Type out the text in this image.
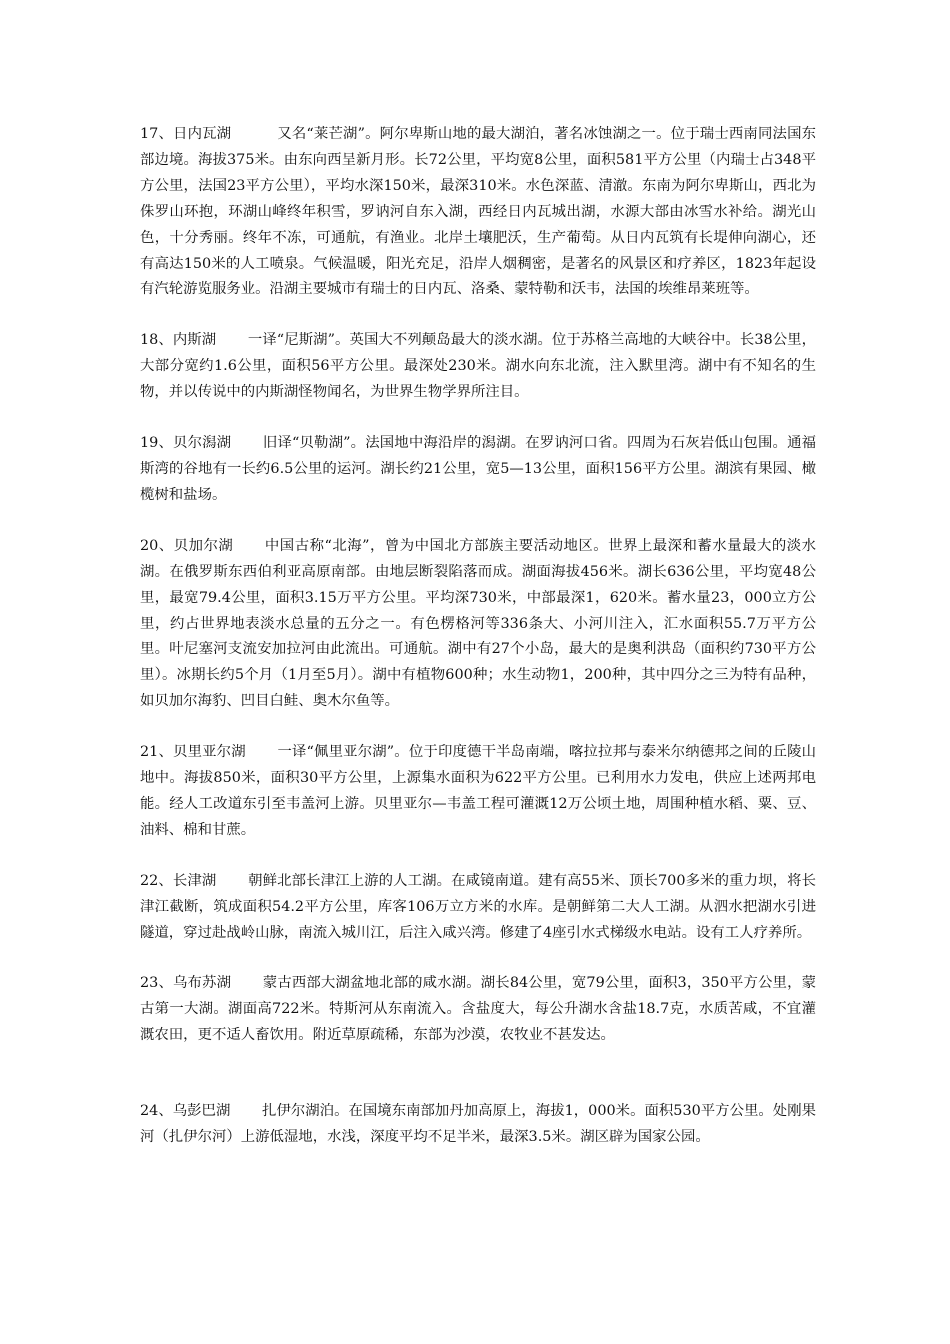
17、日内瓦湖	又名“莱芒湖”。阿尔卑斯山地的最大湖泊，著名冰蚀湖之一。位于瑞士西南同法国东部边境。海拔375米。由东向西呈新月形。长72公里，平均宽8公里，面积581平方公里（内瑞士占348平方公里，法国23平方公里），平均水深150米，最深310米。水色深蓝、清澈。东南为阿尔卑斯山，西北为侏罗山环抱，环湖山峰终年积雪，罗讷河自东入湖，西经日内瓦城出湖，水源大部由冰雪水补给。湖光山色，十分秀丽。终年不冻，可通航，有渔业。北岸土壤肥沃，生产葡萄。从日内瓦筑有长堤伸向湖心，还有高达150米的人工喷泉。气候温暖，阳光充足，沿岸人烟稠密，是著名的风景区和疗养区，1823年起设有汽轮游览服务业。沿湖主要城市有瑞士的日内瓦、洛桑、蒙特勒和沃韦，法国的埃维昂莱班等。

18、内斯湖 一译“尼斯湖”。英国大不列颠岛最大的淡水湖。位于苏格兰高地的大峡谷中。长38公里，大部分宽约1.6公里，面积56平方公里。最深处230米。湖水向东北流，注入默里湾。湖中有不知名的生物，并以传说中的内斯湖怪物闻名，为世界生物学界所注目。

19、贝尔潟湖 旧译“贝勒湖”。法国地中海沿岸的潟湖。在罗讷河口省。四周为石灰岩低山包围。通福斯湾的谷地有一长约6.5公里的运河。湖长约21公里，宽5—13公里，面积156平方公里。湖滨有果园、橄榄树和盐场。

20、贝加尔湖 中国古称“北海”，曾为中国北方部族主要活动地区。世界上最深和蓄水量最大的淡水湖。在俄罗斯东西伯利亚高原南部。由地层断裂陷落而成。湖面海拔456米。湖长636公里，平均宽48公里，最宽79.4公里，面积3.15万平方公里。平均深730米，中部最深1，620米。蓄水量23，000立方公里，约占世界地表淡水总量的五分之一。有色楞格河等336条大、小河川注入，汇水面积55.7万平方公里。叶尼塞河支流安加拉河由此流出。可通航。湖中有27个小岛，最大的是奥利洪岛（面积约730平方公里）。冰期长约5个月（1月至5月）。湖中有植物600种；水生动物1，200种，其中四分之三为特有品种，如贝加尔海豹、凹目白鲑、奥木尔鱼等。

21、贝里亚尔湖 一译“佩里亚尔湖”。位于印度德干半岛南端，喀拉拉邦与泰米尔纳德邦之间的丘陵山地中。海拔850米，面积30平方公里，上源集水面积为622平方公里。已利用水力发电，供应上述两邦电能。经人工改道东引至韦盖河上游。贝里亚尔—韦盖工程可灌溉12万公顷土地，周围种植水稻、粟、豆、油料、棉和甘蔗。

22、长津湖 朝鲜北部长津江上游的人工湖。在咸镜南道。建有高55米、顶长700多米的重力坝，将长津江截断，筑成面积54.2平方公里，库客106万立方米的水库。是朝鲜第二大人工湖。从泗水把湖水引进隧道，穿过赴战岭山脉，南流入城川江，后注入咸兴湾。修建了4座引水式梯级水电站。设有工人疗养所。

23、乌布苏湖 蒙古西部大湖盆地北部的咸水湖。湖长84公里，宽79公里，面积3，350平方公里，蒙古第一大湖。湖面高722米。特斯河从东南流入。含盐度大，每公升湖水含盐18.7克，水质苦咸，不宜灌溉农田，更不适人畜饮用。附近草原疏稀，东部为沙漠，农牧业不甚发达。

24、乌彭巴湖 扎伊尔湖泊。在国境东南部加丹加高原上，海拔1，000米。面积530平方公里。处刚果河（扎伊尔河）上游低湿地，水浅，深度平均不足半米，最深3.5米。湖区辟为国家公园。
